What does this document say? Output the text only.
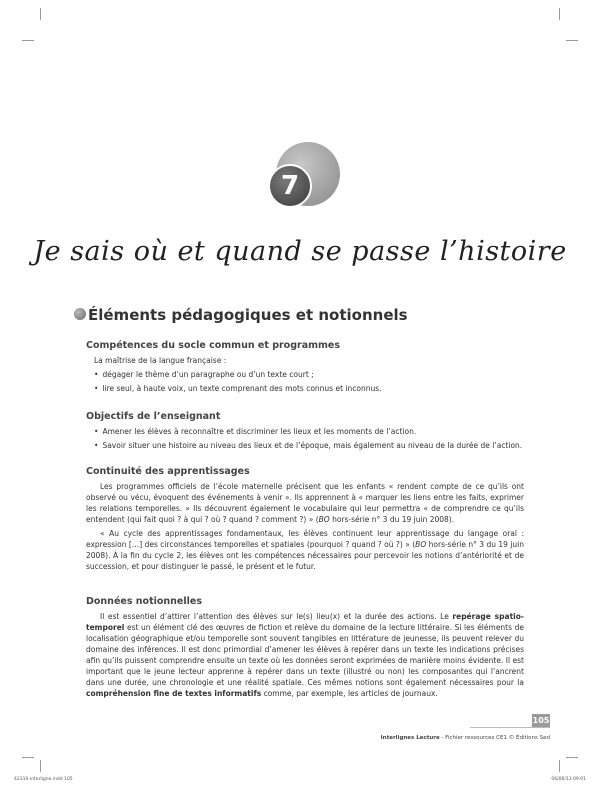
7
Je sais où et quand se passe l’histoire
Éléments pédagogiques et notionnels
Compétences du socle commun et programmes

La maîtrise de la langue française :

• dégager le thème d’un paragraphe ou d’un texte court ;

• lire seul, à haute voix, un texte comprenant des mots connus et inconnus.

Objectifs de l’enseignant

• Amener les élèves à reconnaître et discriminer les lieux et les moments de l’action.

• Savoir situer une histoire au niveau des lieux et de l’époque, mais également au niveau de la durée de l’action.

Continuité des apprentissages

Les programmes officiels de l’école maternelle précisent que les enfants « rendent compte de ce qu’ils ont observé ou vécu, évoquent des événements à venir ». Ils apprennent à « marquer les liens entre les faits, exprimer les relations temporelles. » Ils découvrent également le vocabulaire qui leur permettra « de comprendre ce qu’ils entendent (qui fait quoi ? à qui ? où ? quand ? comment ?) » (BO hors-série n° 3 du 19 juin 2008).

« Au cycle des apprentissages fondamentaux, les élèves continuent leur apprentissage du langage oral : expression […] des circonstances temporelles et spatiales (pourquoi ? quand ? où ?) » (BO hors-série n° 3 du 19 juin 2008). À la fin du cycle 2, les élèves ont les compétences nécessaires pour percevoir les notions d’antériorité et de succession, et pour distinguer le passé, le présent et le futur.

Données notionnelles

Il est essentiel d’attirer l’attention des élèves sur le(s) lieu(x) et la durée des actions. Le repérage spatio-temporel est un élément clé des œuvres de fiction et relève du domaine de la lecture littéraire. Si les éléments de localisation géographique et/ou temporelle sont souvent tangibles en littérature de jeunesse, ils peuvent relever du domaine des inférences. Il est donc primordial d’amener les élèves à repérer dans un texte les indications précises afin qu’ils puissent comprendre ensuite un texte où les données seront exprimées de manière moins évidente. Il est important que le jeune lecteur apprenne à repérer dans un texte (illustré ou non) les composantes qui l’ancrent dans une durée, une chronologie et une réalité spatiale. Ces mêmes notions sont également nécessaires pour la compréhension fine de textes informatifs comme, par exemple, les articles de journaux.

105
Interlignes Lecture - Fichier ressources CE1 © Éditions Sed
42310-interligne.indd 105	06/06/13 09:01
